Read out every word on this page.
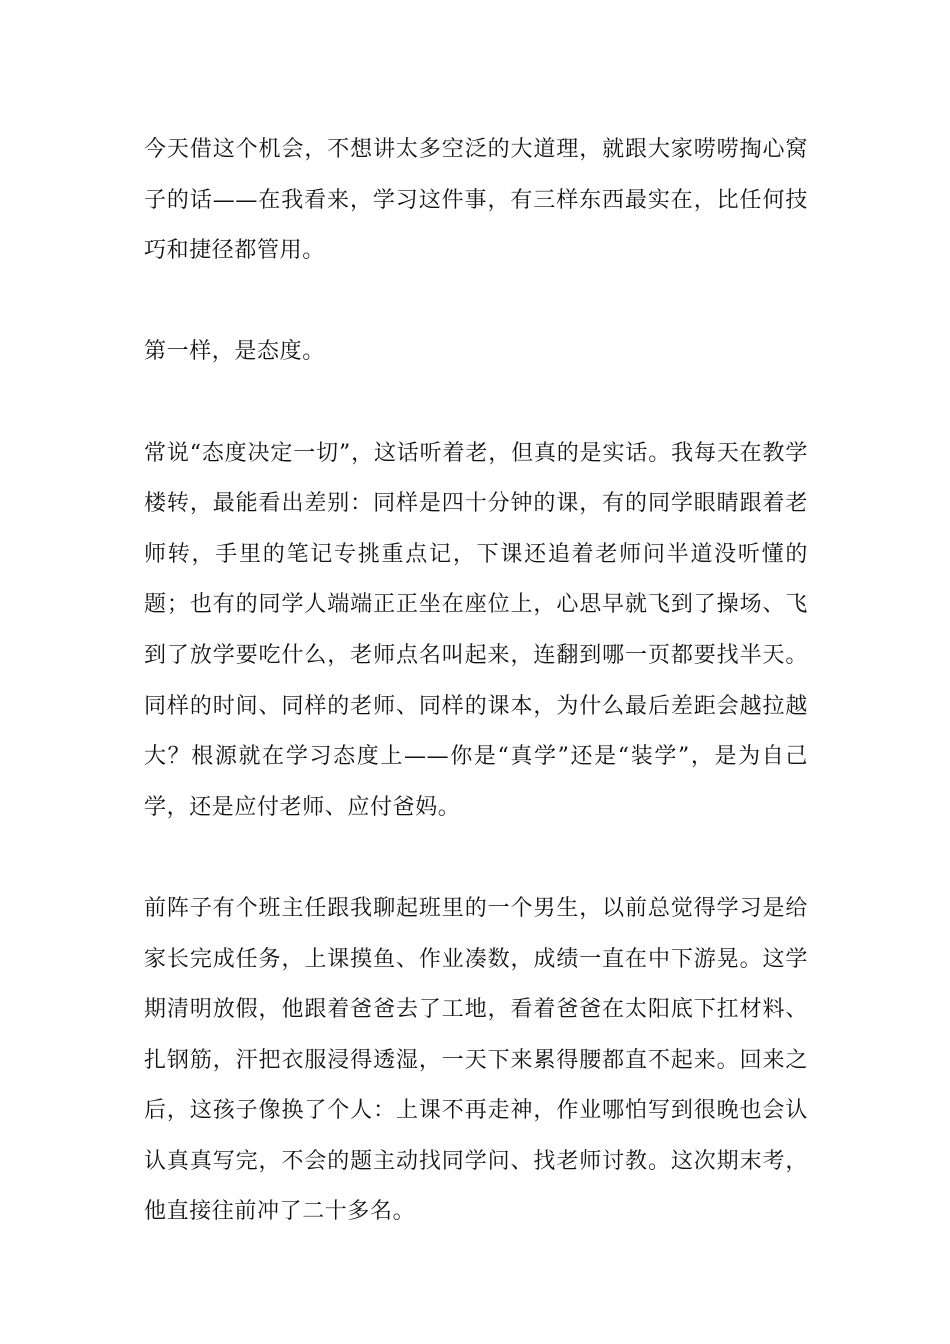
今天借这个机会，不想讲太多空泛的大道理，就跟大家唠唠掏心窝子的话——在我看来，学习这件事，有三样东西最实在，比任何技巧和捷径都管用。

第一样，是态度。

常说“态度决定一切”，这话听着老，但真的是实话。我每天在教学楼转，最能看出差别：同样是四十分钟的课，有的同学眼睛跟着老师转，手里的笔记专挑重点记，下课还追着老师问半道没听懂的题；也有的同学人端端正正坐在座位上，心思早就飞到了操场、飞到了放学要吃什么，老师点名叫起来，连翻到哪一页都要找半天。同样的时间、同样的老师、同样的课本，为什么最后差距会越拉越大？根源就在学习态度上——你是“真学”还是“装学”，是为自己学，还是应付老师、应付爸妈。

前阵子有个班主任跟我聊起班里的一个男生，以前总觉得学习是给家长完成任务，上课摸鱼、作业凑数，成绩一直在中下游晃。这学期清明放假，他跟着爸爸去了工地，看着爸爸在太阳底下扛材料、扎钢筋，汗把衣服浸得透湿，一天下来累得腰都直不起来。回来之后，这孩子像换了个人：上课不再走神，作业哪怕写到很晚也会认认真真写完，不会的题主动找同学问、找老师讨教。这次期末考，他直接往前冲了二十多名。
